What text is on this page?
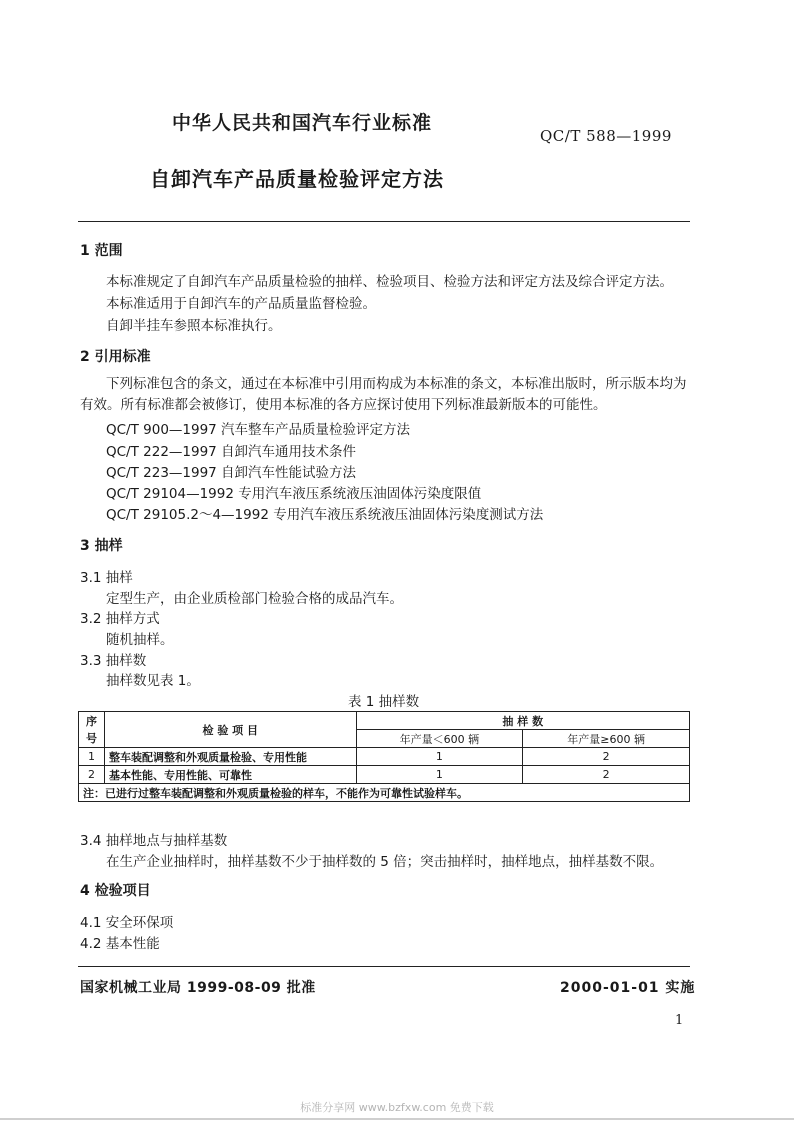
中华人民共和国汽车行业标准
QC/T 588—1999
自卸汽车产品质量检验评定方法
1 范围
本标准规定了自卸汽车产品质量检验的抽样、检验项目、检验方法和评定方法及综合评定方法。
本标准适用于自卸汽车的产品质量监督检验。
自卸半挂车参照本标准执行。
2 引用标准
下列标准包含的条文，通过在本标准中引用而构成为本标准的条文，本标准出版时，所示版本均为有效。所有标准都会被修订，使用本标准的各方应探讨使用下列标准最新版本的可能性。
QC/T 900—1997 汽车整车产品质量检验评定方法
QC/T 222—1997 自卸汽车通用技术条件
QC/T 223—1997 自卸汽车性能试验方法
QC/T 29104—1992 专用汽车液压系统液压油固体污染度限值
QC/T 29105.2～4—1992 专用汽车液压系统液压油固体污染度测试方法
3 抽样
3.1 抽样
定型生产，由企业质检部门检验合格的成品汽车。
3.2 抽样方式
随机抽样。
3.3 抽样数
抽样数见表 1。
表 1 抽样数
序	检 验 项 目	抽 样 数	
号		年产量＜600 辆	年产量≥600 辆
1	整车装配调整和外观质量检验、专用性能	1	2
2	基本性能、专用性能、可靠性	1	2
注：已进行过整车装配调整和外观质量检验的样车，不能作为可靠性试验样车。			
3.4 抽样地点与抽样基数
在生产企业抽样时，抽样基数不少于抽样数的 5 倍；突击抽样时，抽样地点，抽样基数不限。
4 检验项目
4.1 安全环保项
4.2 基本性能
国家机械工业局 1999-08-09 批准	2000-01-01 实施
1
标准分享网 www.bzfxw.com 免费下载
